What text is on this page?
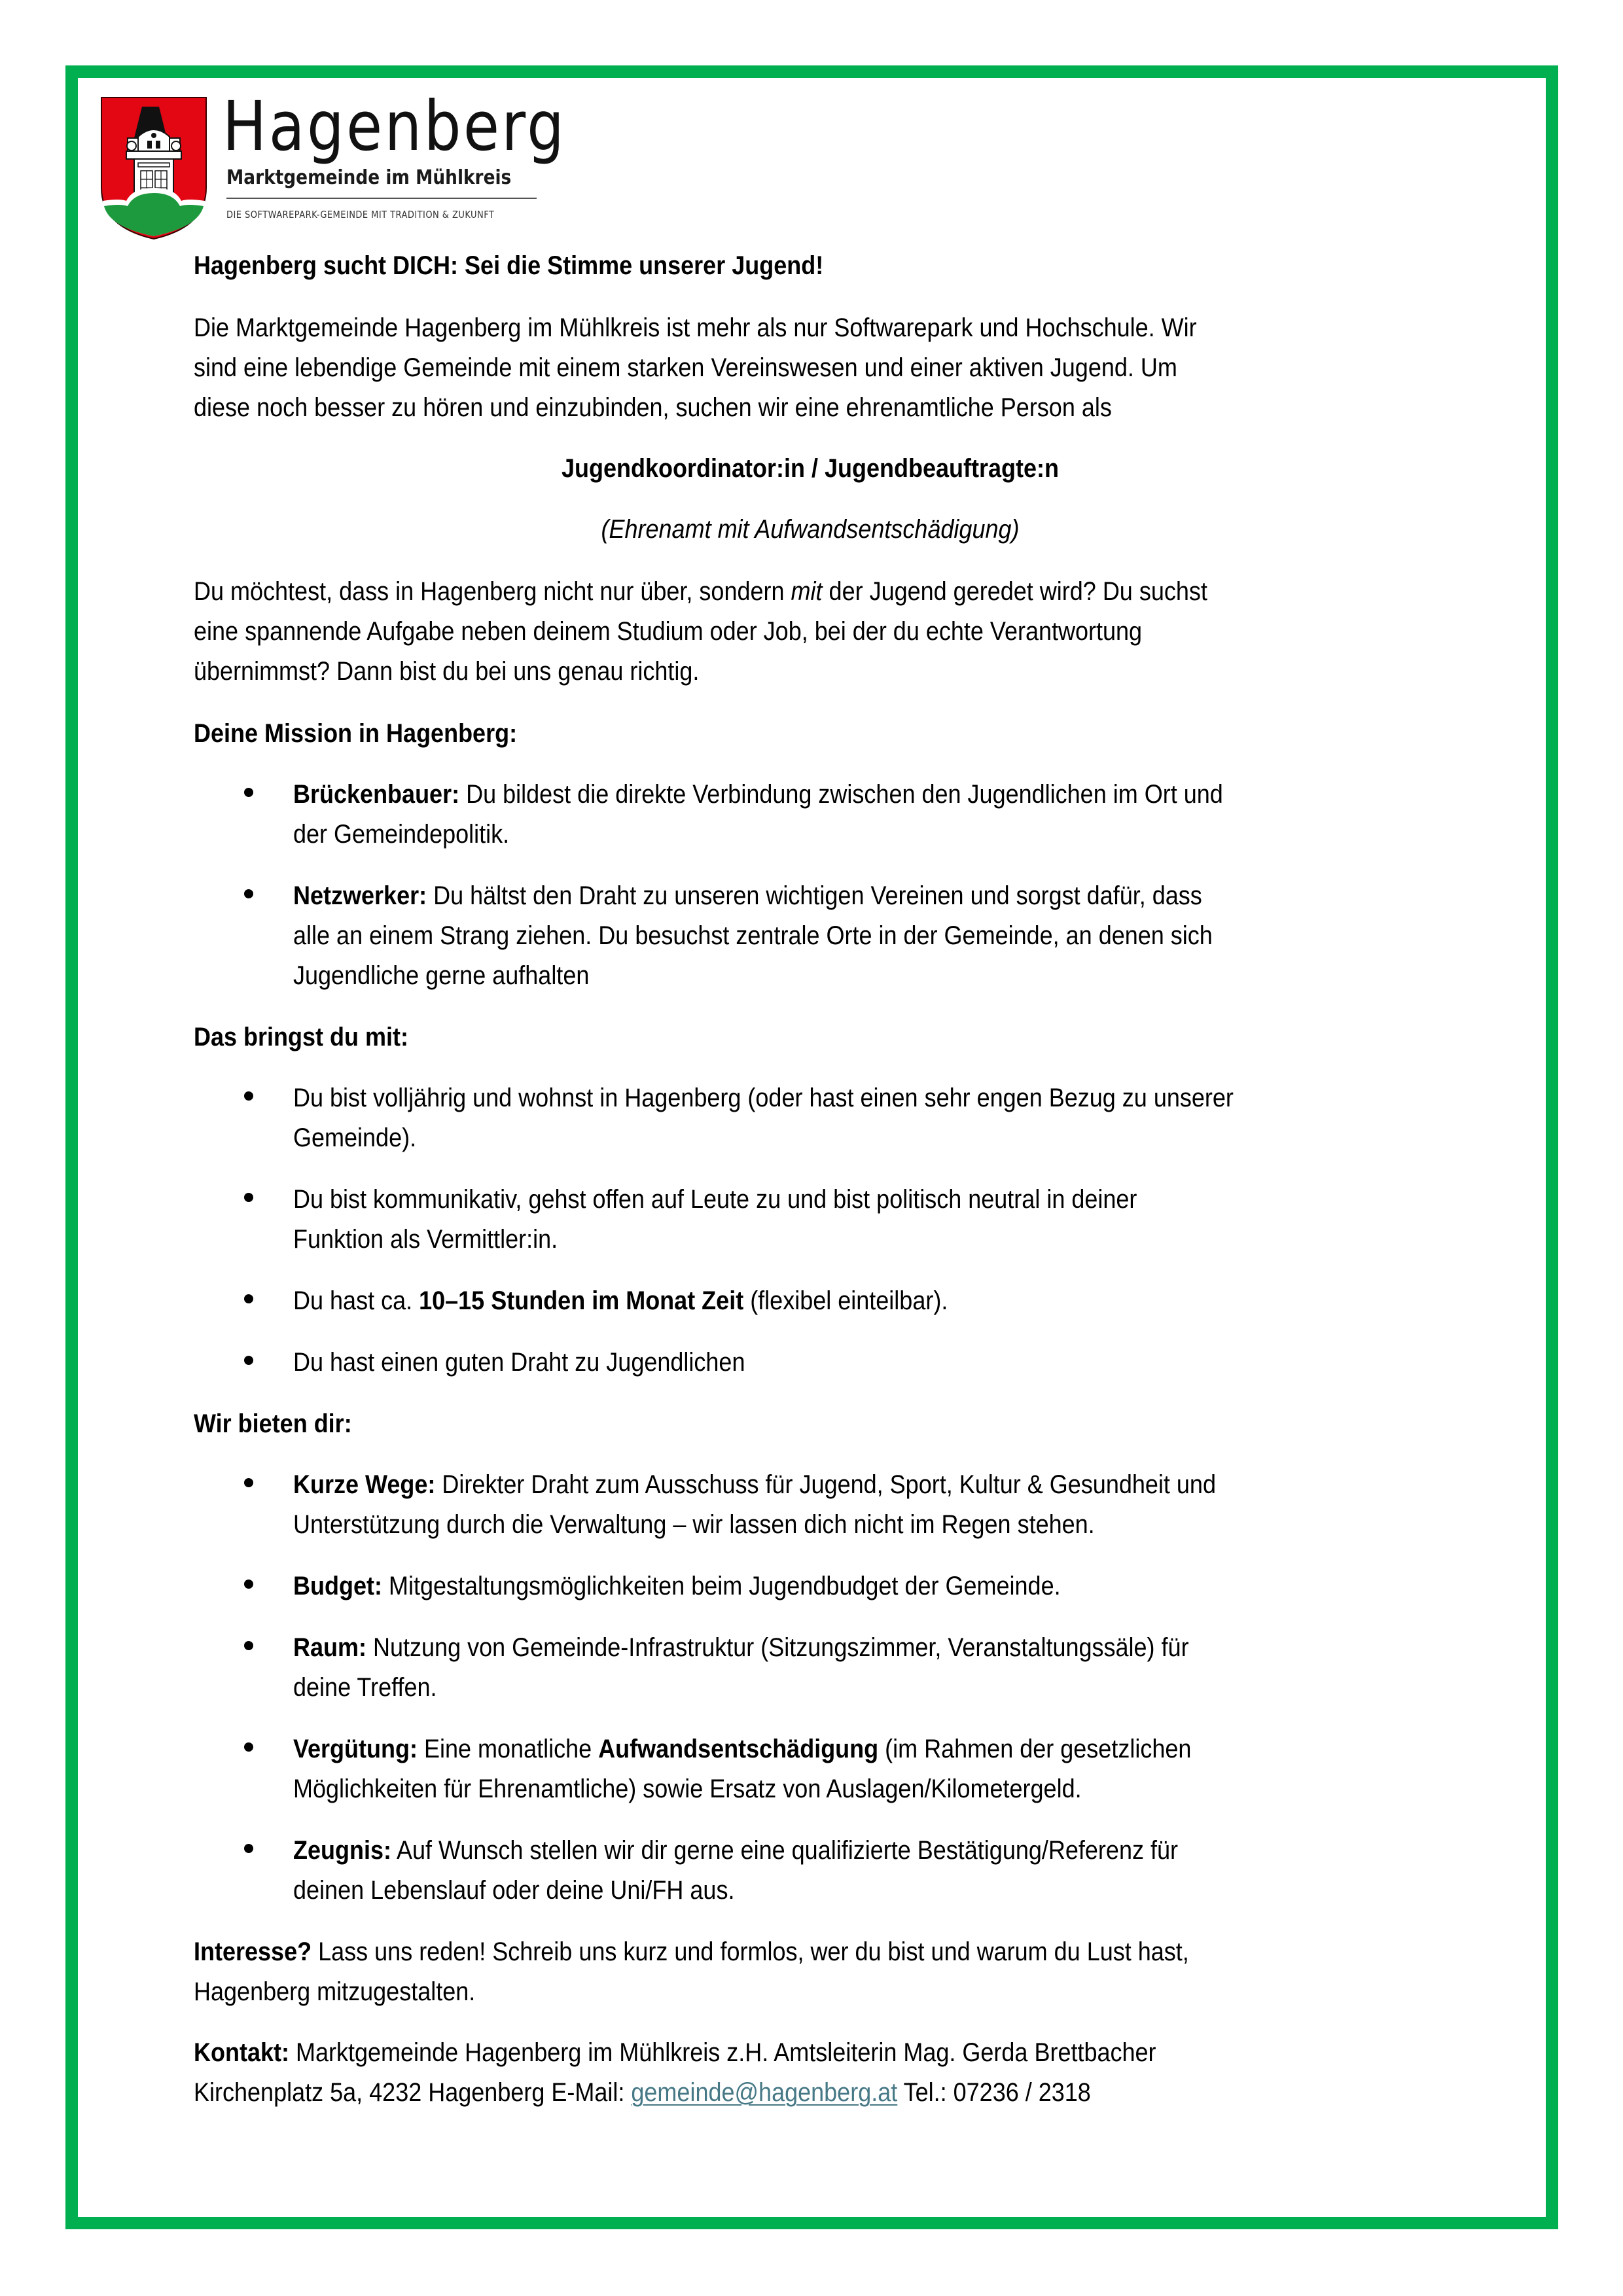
Hagenberg
Marktgemeinde im Mühlkreis
DIE SOFTWAREPARK-GEMEINDE MIT TRADITION & ZUKUNFT
Hagenberg sucht DICH: Sei die Stimme unserer Jugend!
Die Marktgemeinde Hagenberg im Mühlkreis ist mehr als nur Softwarepark und Hochschule. Wir
sind eine lebendige Gemeinde mit einem starken Vereinswesen und einer aktiven Jugend. Um
diese noch besser zu hören und einzubinden, suchen wir eine ehrenamtliche Person als
Jugendkoordinator:in / Jugendbeauftragte:n
(Ehrenamt mit Aufwandsentschädigung)
Du möchtest, dass in Hagenberg nicht nur über, sondern mit der Jugend geredet wird? Du suchst
eine spannende Aufgabe neben deinem Studium oder Job, bei der du echte Verantwortung
übernimmst? Dann bist du bei uns genau richtig.
Deine Mission in Hagenberg:
Brückenbauer: Du bildest die direkte Verbindung zwischen den Jugendlichen im Ort und
der Gemeindepolitik.
Netzwerker: Du hältst den Draht zu unseren wichtigen Vereinen und sorgst dafür, dass
alle an einem Strang ziehen. Du besuchst zentrale Orte in der Gemeinde, an denen sich
Jugendliche gerne aufhalten
Das bringst du mit:
Du bist volljährig und wohnst in Hagenberg (oder hast einen sehr engen Bezug zu unserer
Gemeinde).
Du bist kommunikativ, gehst offen auf Leute zu und bist politisch neutral in deiner
Funktion als Vermittler:in.
Du hast ca. 10–15 Stunden im Monat Zeit (flexibel einteilbar).
Du hast einen guten Draht zu Jugendlichen
Wir bieten dir:
Kurze Wege: Direkter Draht zum Ausschuss für Jugend, Sport, Kultur & Gesundheit und
Unterstützung durch die Verwaltung – wir lassen dich nicht im Regen stehen.
Budget: Mitgestaltungsmöglichkeiten beim Jugendbudget der Gemeinde.
Raum: Nutzung von Gemeinde-Infrastruktur (Sitzungszimmer, Veranstaltungssäle) für
deine Treffen.
Vergütung: Eine monatliche Aufwandsentschädigung (im Rahmen der gesetzlichen
Möglichkeiten für Ehrenamtliche) sowie Ersatz von Auslagen/Kilometergeld.
Zeugnis: Auf Wunsch stellen wir dir gerne eine qualifizierte Bestätigung/Referenz für
deinen Lebenslauf oder deine Uni/FH aus.
Interesse? Lass uns reden! Schreib uns kurz und formlos, wer du bist und warum du Lust hast,
Hagenberg mitzugestalten.
Kontakt: Marktgemeinde Hagenberg im Mühlkreis z.H. Amtsleiterin Mag. Gerda Brettbacher
Kirchenplatz 5a, 4232 Hagenberg E-Mail: gemeinde@hagenberg.at Tel.: 07236 / 2318
